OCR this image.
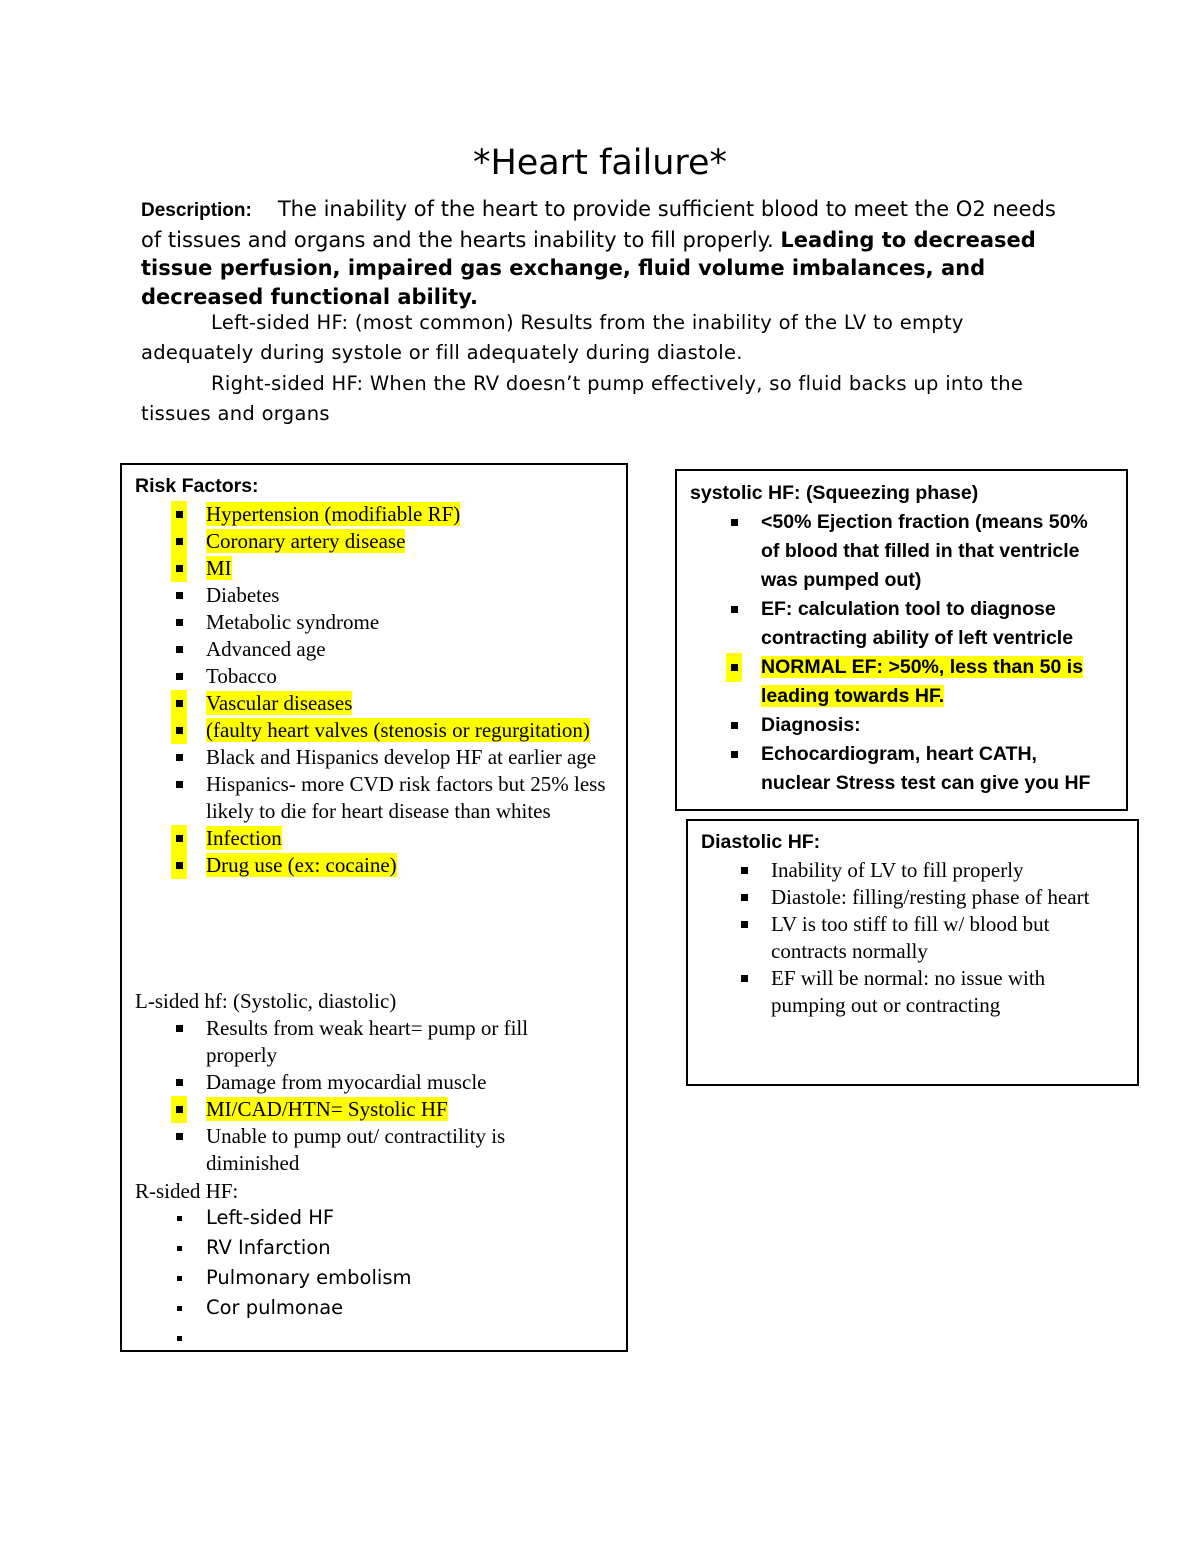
*Heart failure*
Description: The inability of the heart to provide sufficient blood to meet the O2 needs of tissues and organs and the hearts inability to fill properly. Leading to decreased tissue perfusion, impaired gas exchange, fluid volume imbalances, and decreased functional ability.
Left-sided HF: (most common) Results from the inability of the LV to empty adequately during systole or fill adequately during diastole.
Right-sided HF: When the RV doesn’t pump effectively, so fluid backs up into the tissues and organs
Risk Factors:
Hypertension (modifiable RF)
Coronary artery disease
MI
Diabetes
Metabolic syndrome
Advanced age
Tobacco
Vascular diseases
(faulty heart valves (stenosis or regurgitation)
Black and Hispanics develop HF at earlier age
Hispanics- more CVD risk factors but 25% less likely to die for heart disease than whites
Infection
Drug use (ex: cocaine)
L-sided hf: (Systolic, diastolic)
Results from weak heart= pump or fill properly
Damage from myocardial muscle
MI/CAD/HTN= Systolic HF
Unable to pump out/ contractility is diminished
R-sided HF:
Left-sided HF
RV Infarction
Pulmonary embolism
Cor pulmonae
systolic HF: (Squeezing phase)
<50% Ejection fraction (means 50% of blood that filled in that ventricle was pumped out)
EF: calculation tool to diagnose contracting ability of left ventricle
NORMAL EF: >50%, less than 50 is leading towards HF.
Diagnosis:
Echocardiogram, heart CATH, nuclear Stress test can give you HF
Diastolic HF:
Inability of LV to fill properly
Diastole: filling/resting phase of heart
LV is too stiff to fill w/ blood but contracts normally
EF will be normal: no issue with pumping out or contracting
